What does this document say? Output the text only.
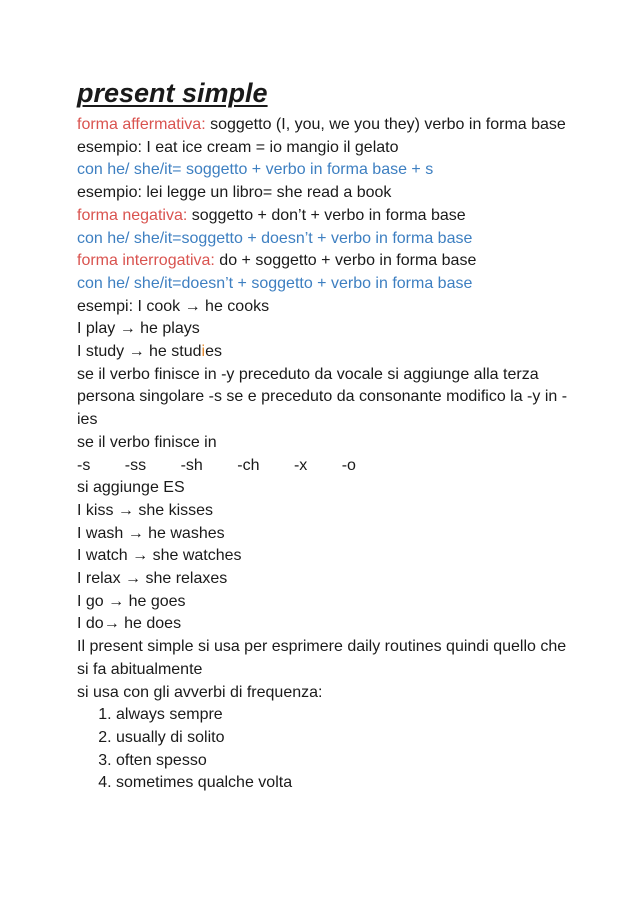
present simple
forma affermativa: soggetto (I, you, we you they) verbo in forma base
esempio: I eat ice cream = io mangio il gelato
con he/ she/it= soggetto + verbo in forma base + s
esempio: lei legge un libro= she read a book
forma negativa: soggetto + don’t + verbo in forma base
con he/ she/it=soggetto + doesn’t + verbo in forma base
forma interrogativa: do + soggetto + verbo in forma base
con he/ she/it=doesn’t + soggetto + verbo in forma base
esempi: I cook → he cooks
I play → he plays
I study → he studies
se il verbo finisce in -y preceduto da vocale si aggiunge alla terza persona singolare -s se e preceduto da consonante modifico la -y in -ies
se il verbo finisce in
-s -ss -sh -ch -x -o
si aggiunge ES
I kiss → she kisses
I wash → he washes
I watch → she watches
I relax → she relaxes
I go → he goes
I do→ he does
Il present simple si usa per esprimere daily routines quindi quello che si fa abitualmente
si usa con gli avverbi di frequenza:
1. always sempre
2. usually di solito
3. often spesso
4. sometimes qualche volta
